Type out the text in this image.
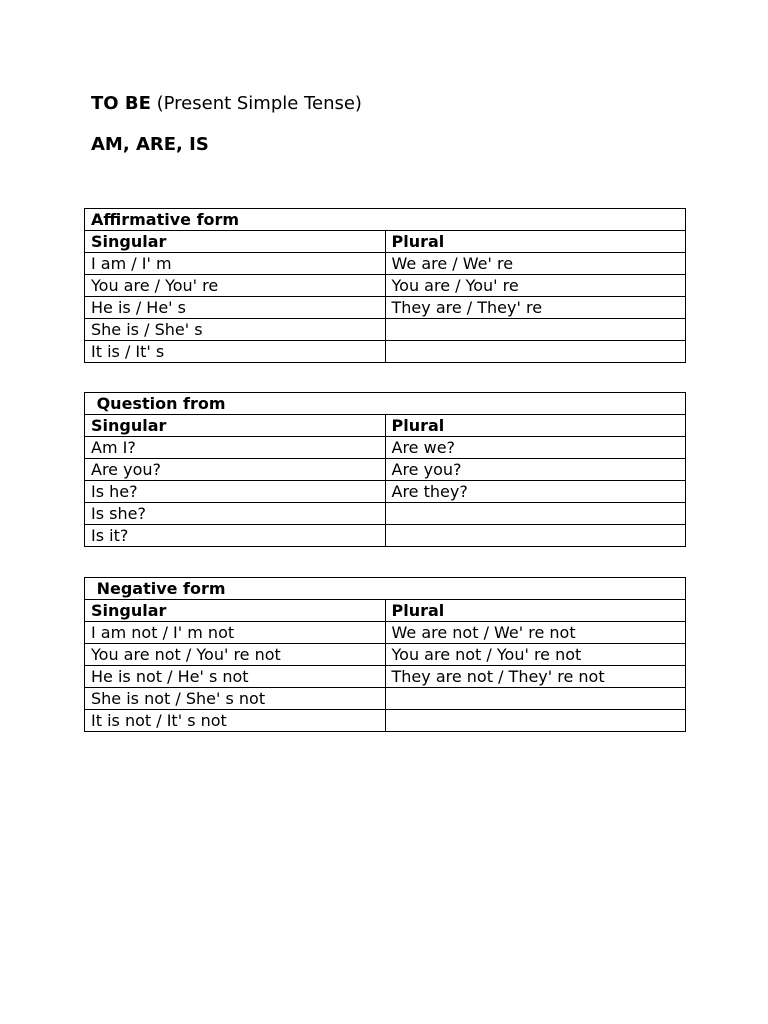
TO BE (Present Simple Tense)
AM, ARE, IS
Affirmative form	
Singular	Plural
I am / I' m	We are / We' re
You are / You' re	You are / You' re
He is / He' s	They are / They' re
She is / She' s	
It is / It' s	
Question from	
Singular	Plural
Am I?	Are we?
Are you?	Are you?
Is he?	Are they?
Is she?	
Is it?	
Negative form	
Singular	Plural
I am not / I' m not	We are not / We' re not
You are not / You' re not	You are not / You' re not
He is not / He' s not	They are not / They' re not
She is not / She' s not	
It is not / It' s not	
